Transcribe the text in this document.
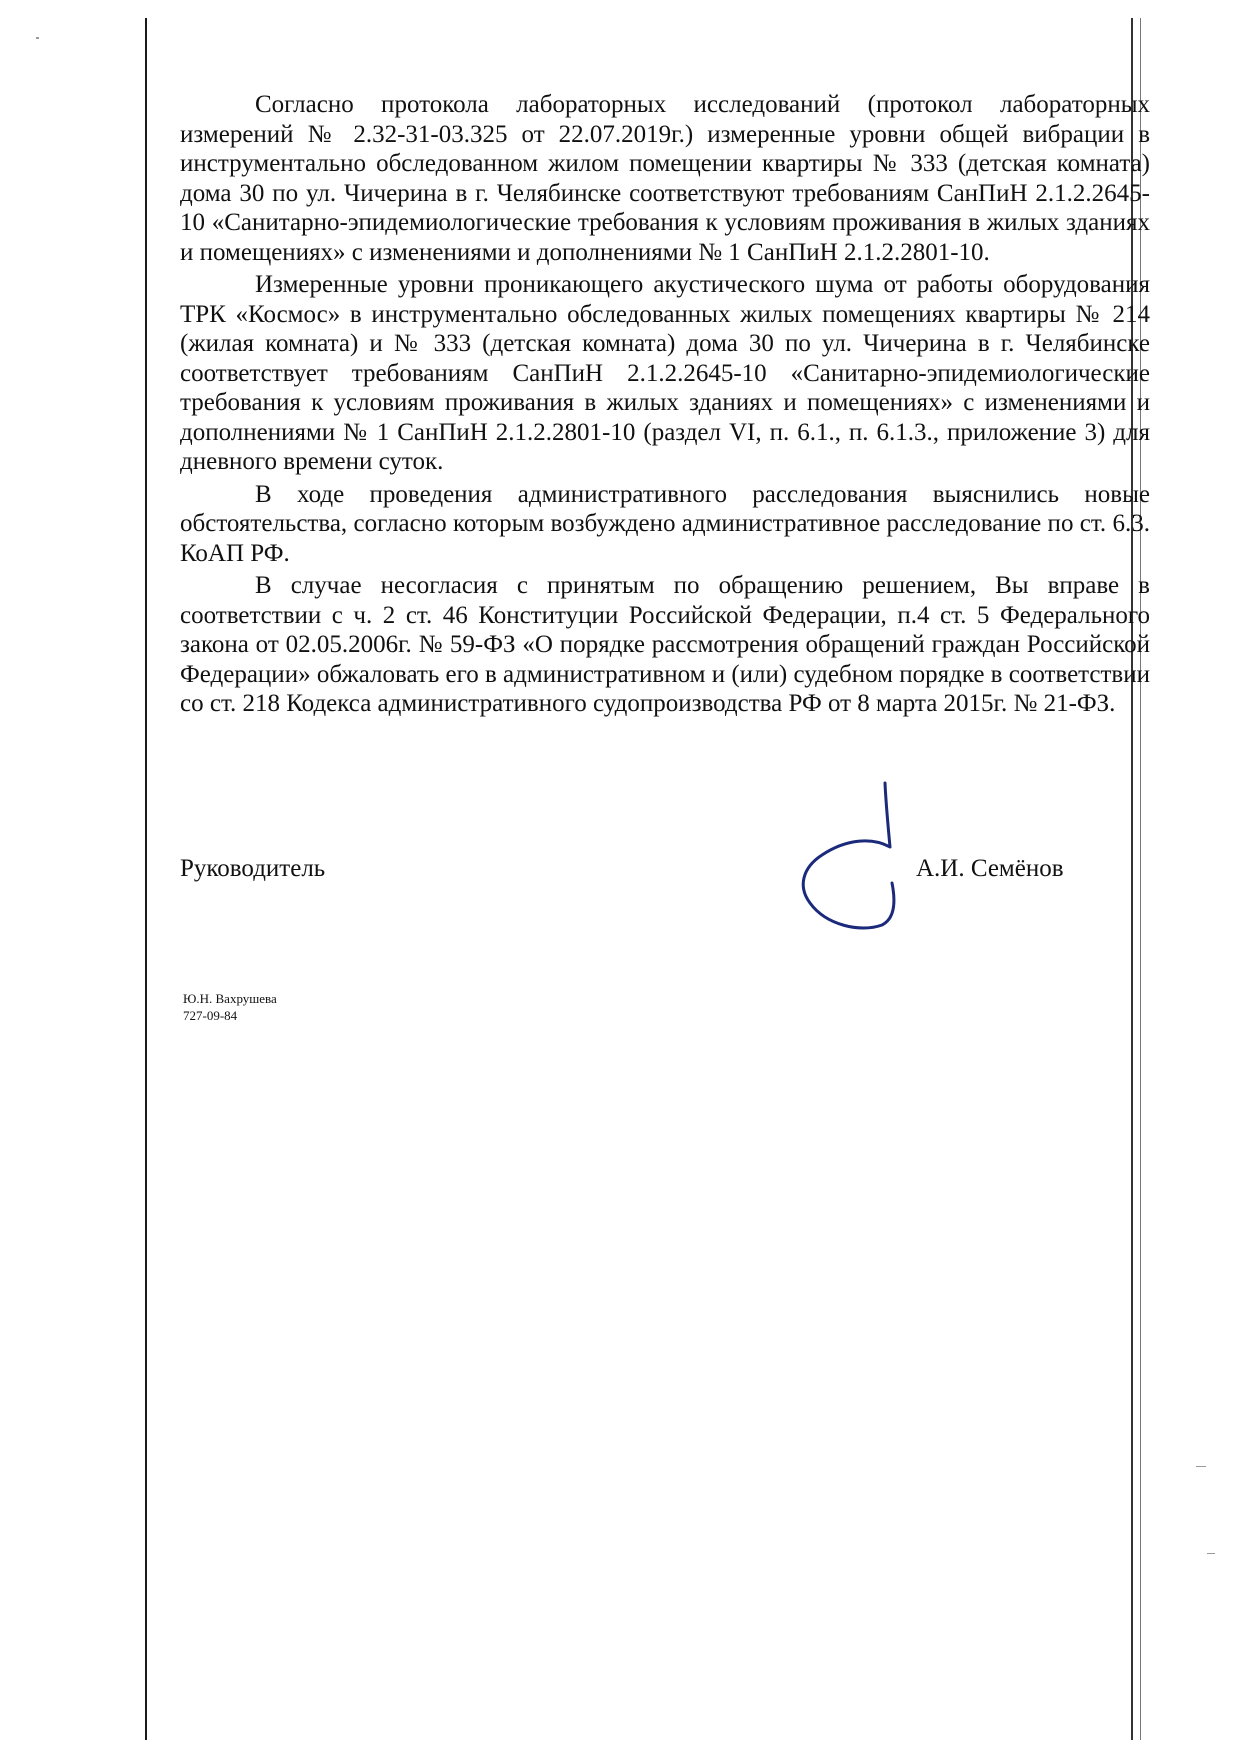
Согласно протокола лабораторных исследований (протокол лабораторных измерений № 2.32-31-03.325 от 22.07.2019г.) измеренные уровни общей вибрации в инструментально обследованном жилом помещении квартиры № 333 (детская комната) дома 30 по ул. Чичерина в г. Челябинске соответствуют требованиям СанПиН 2.1.2.2645-10 «Санитарно-эпидемиологические требования к условиям проживания в жилых зданиях и помещениях» с изменениями и дополнениями № 1 СанПиН 2.1.2.2801-10.

Измеренные уровни проникающего акустического шума от работы оборудования ТРК «Космос» в инструментально обследованных жилых помещениях квартиры № 214 (жилая комната) и № 333 (детская комната) дома 30 по ул. Чичерина в г. Челябинске соответствует требованиям СанПиН 2.1.2.2645-10 «Санитарно-эпидемиологические требования к условиям проживания в жилых зданиях и помещениях» с изменениями и дополнениями № 1 СанПиН 2.1.2.2801-10 (раздел VI, п. 6.1., п. 6.1.3., приложение 3) для дневного времени суток.

В ходе проведения административного расследования выяснились новые обстоятельства, согласно которым возбуждено административное расследование по ст. 6.3. КоАП РФ.

В случае несогласия с принятым по обращению решением, Вы вправе в соответствии с ч. 2 ст. 46 Конституции Российской Федерации, п.4 ст. 5 Федерального закона от 02.05.2006г. № 59-ФЗ «О порядке рассмотрения обращений граждан Российской Федерации» обжаловать его в административном и (или) судебном порядке в соответствии со ст. 218 Кодекса административного судопроизводства РФ от 8 марта 2015г. № 21-ФЗ.

Руководитель	А.И. Семёнов
Ю.Н. Вахрушева
727-09-84
